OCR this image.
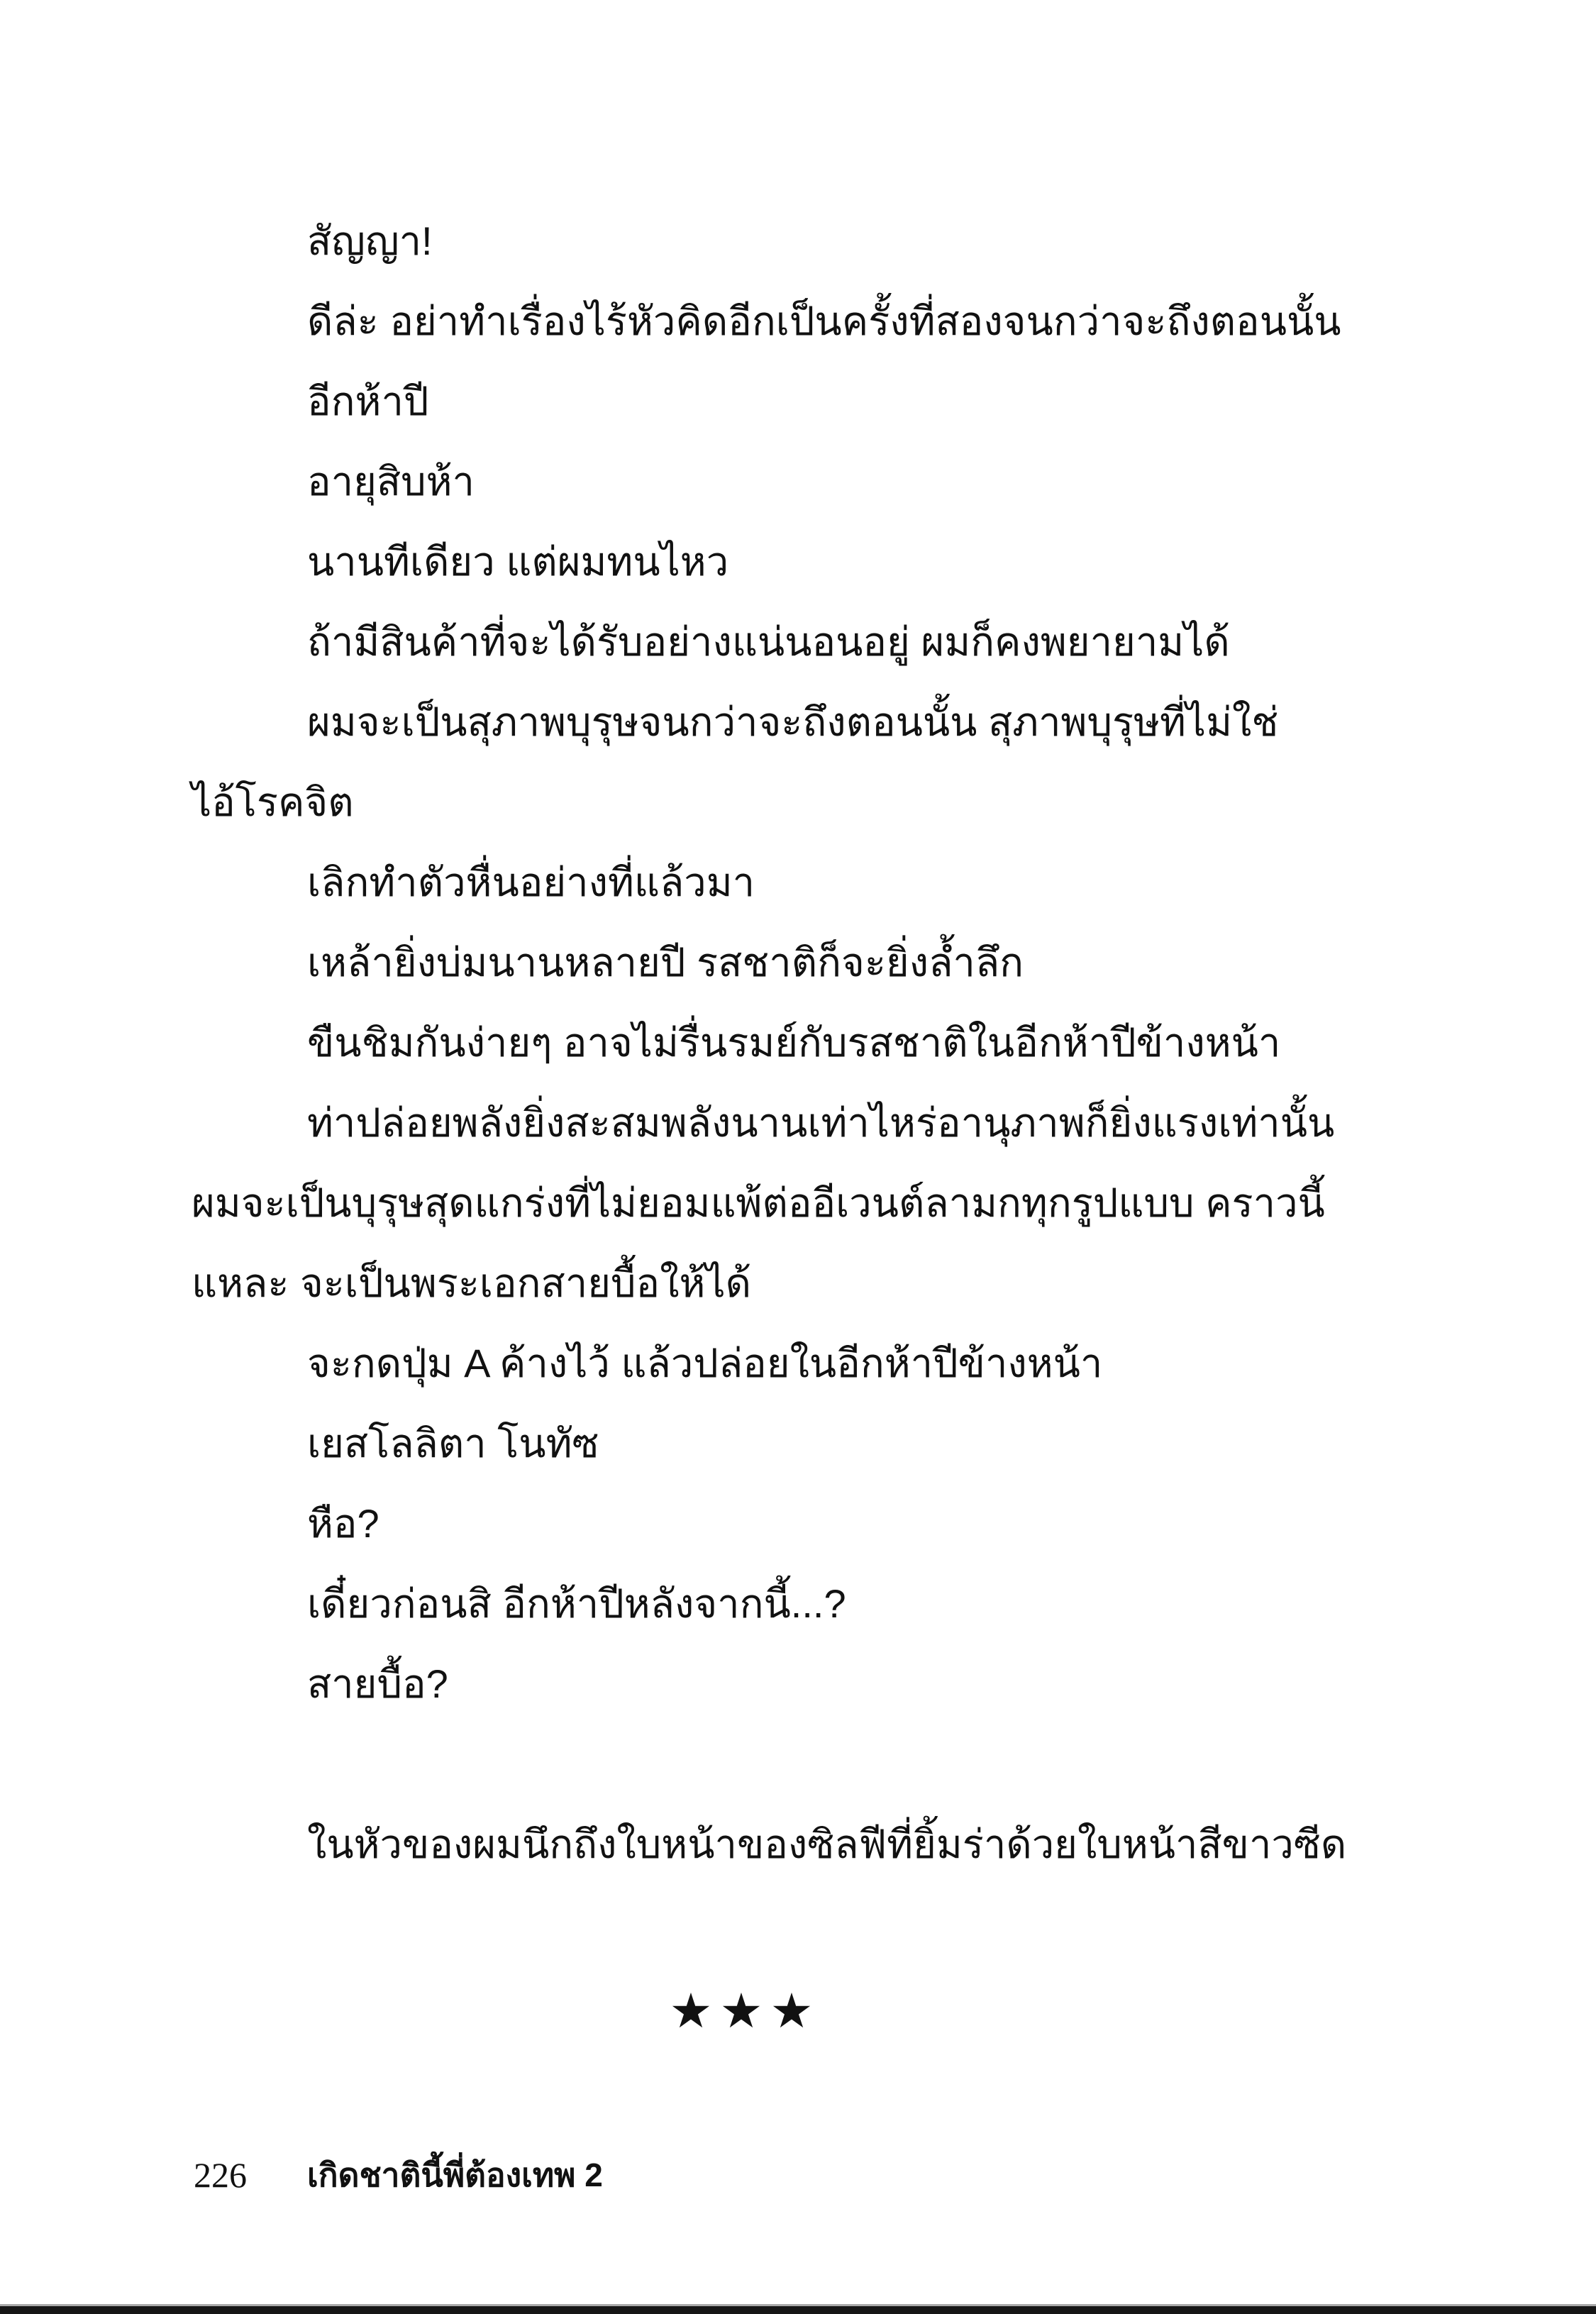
สัญญา!
ดีล่ะ อย่าทำเรื่องไร้หัวคิดอีกเป็นครั้งที่สองจนกว่าจะถึงตอนนั้น
อีกห้าปี
อายุสิบห้า
นานทีเดียว แต่ผมทนไหว
ถ้ามีสินค้าที่จะได้รับอย่างแน่นอนอยู่ ผมก็คงพยายามได้
ผมจะเป็นสุภาพบุรุษจนกว่าจะถึงตอนนั้น สุภาพบุรุษที่ไม่ใช่
ไอ้โรคจิต
เลิกทำตัวหื่นอย่างที่แล้วมา
เหล้ายิ่งบ่มนานหลายปี รสชาติก็จะยิ่งล้ำลึก
ขืนชิมกันง่ายๆ อาจไม่รื่นรมย์กับรสชาติในอีกห้าปีข้างหน้า
ท่าปล่อยพลังยิ่งสะสมพลังนานเท่าไหร่อานุภาพก็ยิ่งแรงเท่านั้น
ผมจะเป็นบุรุษสุดแกร่งที่ไม่ยอมแพ้ต่ออีเวนต์ลามกทุกรูปแบบ คราวนี้
แหละ จะเป็นพระเอกสายบื้อให้ได้
จะกดปุ่ม A ค้างไว้ แล้วปล่อยในอีกห้าปีข้างหน้า
เยสโลลิตา โนทัซ
หือ?
เดี๋ยวก่อนสิ อีกห้าปีหลังจากนี้...?
สายบื้อ?

ในหัวของผมนึกถึงใบหน้าของซิลฟีที่ยิ้มร่าด้วยใบหน้าสีขาวซีด
★★★
226 เกิดชาตินี้พี่ต้องเทพ 2
